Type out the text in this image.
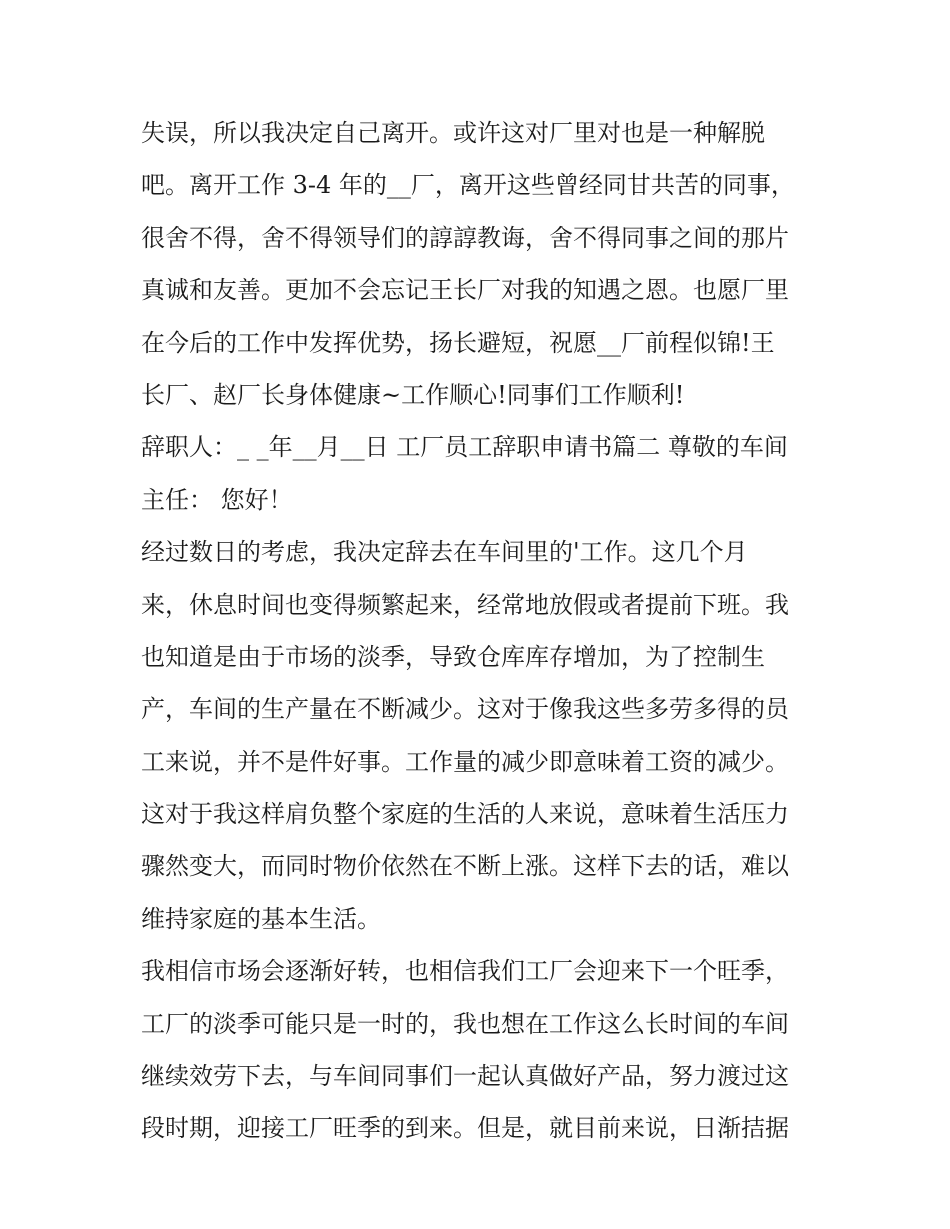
失误，所以我决定自己离开。或许这对厂里对也是一种解脱
吧。离开工作 3-4 年的__厂，离开这些曾经同甘共苦的同事，
很舍不得，舍不得领导们的諄諄教诲，舍不得同事之间的那片
真诚和友善。更加不会忘记王长厂对我的知遇之恩。也愿厂里
在今后的工作中发挥优势，扬长避短，祝愿__厂前程似锦!王
长厂、赵厂长身体健康~工作顺心!同事们工作顺利!
辞职人：_ _年__月__日 工厂员工辞职申请书篇二 尊敬的车间
主任： 您好！
经过数日的考虑，我决定辞去在车间里的'工作。这几个月
来，休息时间也变得频繁起来，经常地放假或者提前下班。我
也知道是由于市场的淡季，导致仓库库存增加，为了控制生
产，车间的生产量在不断减少。这对于像我这些多劳多得的员
工来说，并不是件好事。工作量的减少即意味着工资的减少。
这对于我这样肩负整个家庭的生活的人来说，意味着生活压力
骤然变大，而同时物价依然在不断上涨。这样下去的话，难以
维持家庭的基本生活。
我相信市场会逐渐好转，也相信我们工厂会迎来下一个旺季，
工厂的淡季可能只是一时的，我也想在工作这么长时间的车间
继续效劳下去，与车间同事们一起认真做好产品，努力渡过这
段时期，迎接工厂旺季的到来。但是，就目前来说，日渐拮据
